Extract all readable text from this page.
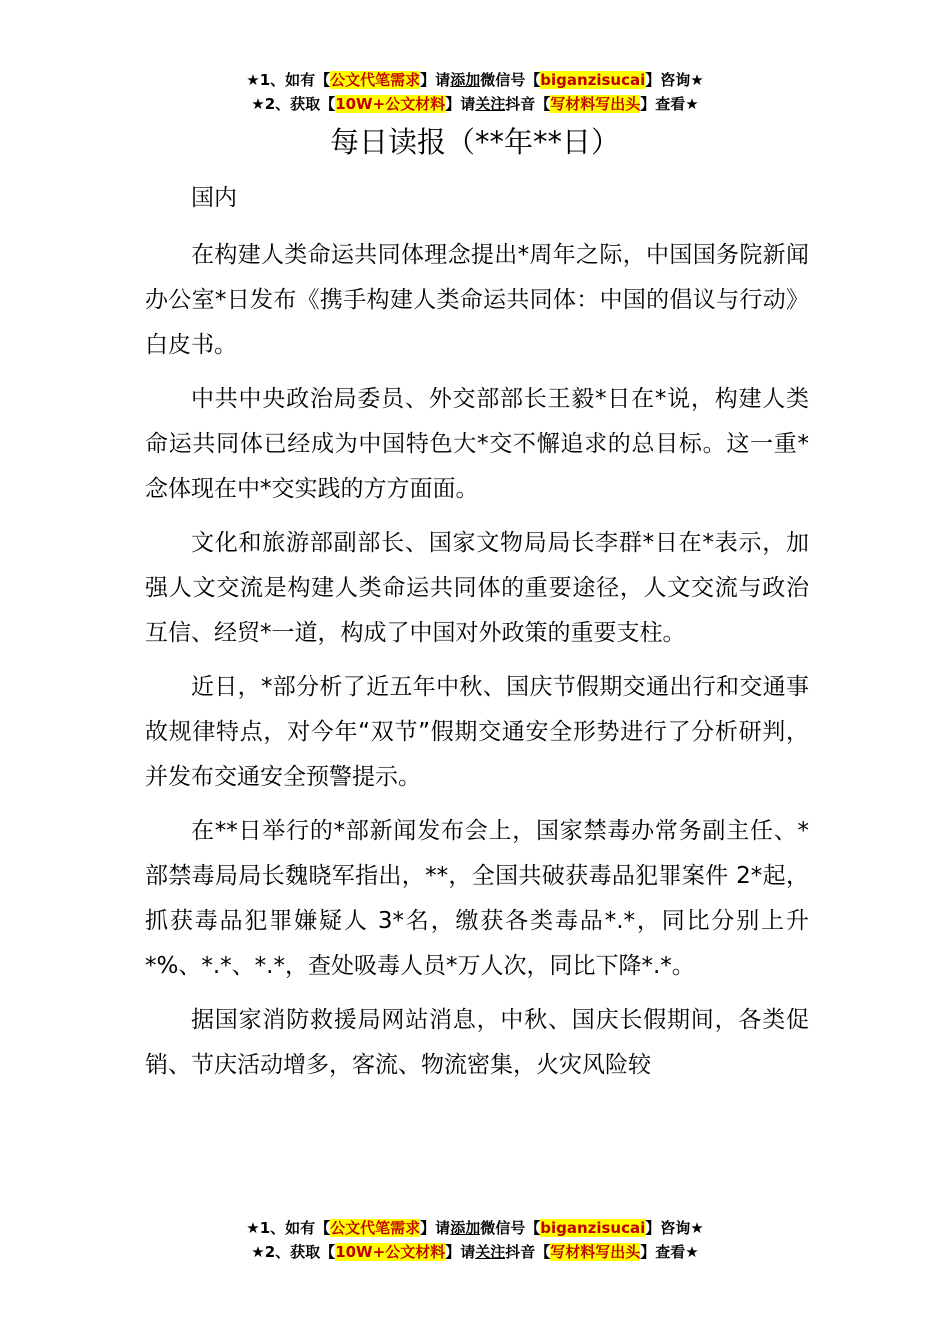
★1、如有【公文代笔需求】请添加微信号【biganzisucai】咨询★
★2、获取【10W+公文材料】请关注抖音【写材料写出头】查看★
每日读报（**年**日）

国内

在构建人类命运共同体理念提出*周年之际，中国国务院新闻办公室*日发布《携手构建人类命运共同体：中国的倡议与行动》白皮书。

中共中央政治局委员、外交部部长王毅*日在*说，构建人类命运共同体已经成为中国特色大*交不懈追求的总目标。这一重*念体现在中*交实践的方方面面。

文化和旅游部副部长、国家文物局局长李群*日在*表示，加强人文交流是构建人类命运共同体的重要途径，人文交流与政治互信、经贸*一道，构成了中国对外政策的重要支柱。

近日，*部分析了近五年中秋、国庆节假期交通出行和交通事故规律特点，对今年“双节”假期交通安全形势进行了分析研判，并发布交通安全预警提示。

在**日举行的*部新闻发布会上，国家禁毒办常务副主任、*部禁毒局局长魏晓军指出，**，全国共破获毒品犯罪案件 2*起，抓获毒品犯罪嫌疑人 3*名，缴获各类毒品*.*，同比分别上升*%、*.*、*.*，查处吸毒人员*万人次，同比下降*.*。

据国家消防救援局网站消息，中秋、国庆长假期间，各类促销、节庆活动增多，客流、物流密集，火灾风险较

★1、如有【公文代笔需求】请添加微信号【biganzisucai】咨询★
★2、获取【10W+公文材料】请关注抖音【写材料写出头】查看★
